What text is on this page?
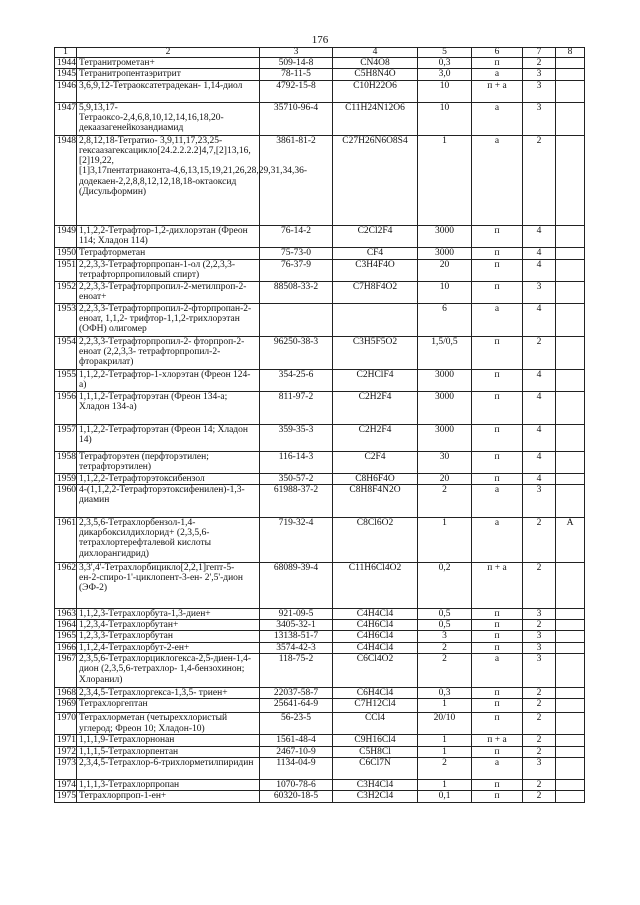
176
1	2	3	4	5	6	7	8
1944	Тетранитрометан+	509-14-8	CN4O8	0,3	п	2	
1945	Тетранитропентаэритрит	78-11-5	C5H8N4O	3,0	а	3	
1946	3,6,9,12-Тетраоксатетрадекан- 1,14-диол	4792-15-8	C10H22O6	10	п + а	3	
1947	5,9,13,17-Тетраоксо-2,4,6,8,10,12,14,16,18,20-декаазагенейкозандиамид	35710-96-4	C11H24N12O6	10	а	3	
1948	2,8,12,18-Тетратио- 3,9,11,17,23,25-гексаазагексацикло[24.2.2.2.2]4,7,[2]13,16,[2]19,22,[1]3,17пентатриаконта-4,6,13,15,19,21,26,28,29,31,34,36-додекаен-2,2,8,8,12,12,18,18-октаоксид (Дисульформин)	3861-81-2	C27H26N6O8S4	1	а	2	
1949	1,1,2,2-Тетрафтор-1,2-дихлорэтан (Фреон 114; Хладон 114)	76-14-2	C2Cl2F4	3000	п	4	
1950	Тетрафторметан	75-73-0	CF4	3000	п	4	
1951	2,2,3,3-Тетрафторпропан-1-ол (2,2,3,3-тетрафторпропиловый спирт)	76-37-9	C3H4F4O	20	п	4	
1952	2,2,3,3-Тетрафторпропил-2-метилпроп-2-еноат+	88508-33-2	C7H8F4O2	10	п	3	
1953	2,2,3,3-Тетрафторпропил-2-фторпропан-2-еноат, 1,1,2- трифтор-1,1,2-трихлорэтан (ОФН) олигомер			6	а	4	
1954	2,2,3,3-Тетрафторпропил-2- фторпроп-2-еноат (2,2,3,3- тетрафторпропил-2-фторакрилат)	96250-38-3	C3H5F5O2	1,5/0,5	п	2	
1955	1,1,2,2-Тетрафтор-1-хлорэтан (Фреон 124-а)	354-25-6	C2HClF4	3000	п	4	
1956	1,1,1,2-Тетрафторэтан (Фреон 134-а; Хладон 134-а)	811-97-2	C2H2F4	3000	п	4	
1957	1,1,2,2-Тетрафторэтан (Фреон 14; Хладон 14)	359-35-3	C2H2F4	3000	п	4	
1958	Тетрафторэтен (перфторэтилен; тетрафторэтилен)	116-14-3	C2F4	30	п	4	
1959	1,1,2,2-Тетрафторэтоксибензол	350-57-2	C8H6F4O	20	п	4	
1960	4-(1,1,2,2-Тетрафторэтоксифенилен)-1,3-диамин	61988-37-2	C8H8F4N2O	2	а	3	
1961	2,3,5,6-Тетрахлорбензол-1,4-дикарбоксилдихлорид+ (2,3,5,6-тетрахлортерефталевой кислоты дихлорангидрид)	719-32-4	C8Cl6O2	1	а	2	А
1962	3,3',4'-Тетрахлорбицикло[2,2,1]гепт-5- ен-2-спиро-1'-циклопент-3-ен- 2',5'-дион (ЭФ-2)	68089-39-4	C11H6Cl4O2	0,2	п + а	2	
1963	1,1,2,3-Тетрахлорбута-1,3-диен+	921-09-5	C4H4Cl4	0,5	п	3	
1964	1,2,3,4-Тетрахлорбутан+	3405-32-1	C4H6Cl4	0,5	п	2	
1965	1,2,3,3-Тетрахлорбутан	13138-51-7	C4H6Cl4	3	п	3	
1966	1,1,2,4-Тетрахлорбут-2-ен+	3574-42-3	C4H4Cl4	2	п	3	
1967	2,3,5,6-Тетрахлорциклогекса-2,5-диен-1,4-дион (2,3,5,6-тетрахлор- 1,4-бензохинон; Хлоранил)	118-75-2	C6Cl4O2	2	а	3	
1968	2,3,4,5-Тетрахлоргекса-1,3,5- триен+	22037-58-7	C6H4Cl4	0,3	п	2	
1969	Тетрахлоргептан	25641-64-9	C7H12Cl4	1	п	2	
1970	Тетрахлорметан (четыреххлористый углерод; Фреон 10; Хладон-10)	56-23-5	CCl4	20/10	п	2	
1971	1,1,1,9-Тетрахлорнонан	1561-48-4	C9H16Cl4	1	п + а	2	
1972	1,1,1,5-Тетрахлорпентан	2467-10-9	C5H8Cl	1	п	2	
1973	2,3,4,5-Тетрахлор-6-трихлорметилпиридин	1134-04-9	C6Cl7N	2	а	3	
1974	1,1,1,3-Тетрахлорпропан	1070-78-6	C3H4Cl4	1	п	2	
1975	Тетрахлорпроп-1-ен+	60320-18-5	C3H2Cl4	0,1	п	2	
